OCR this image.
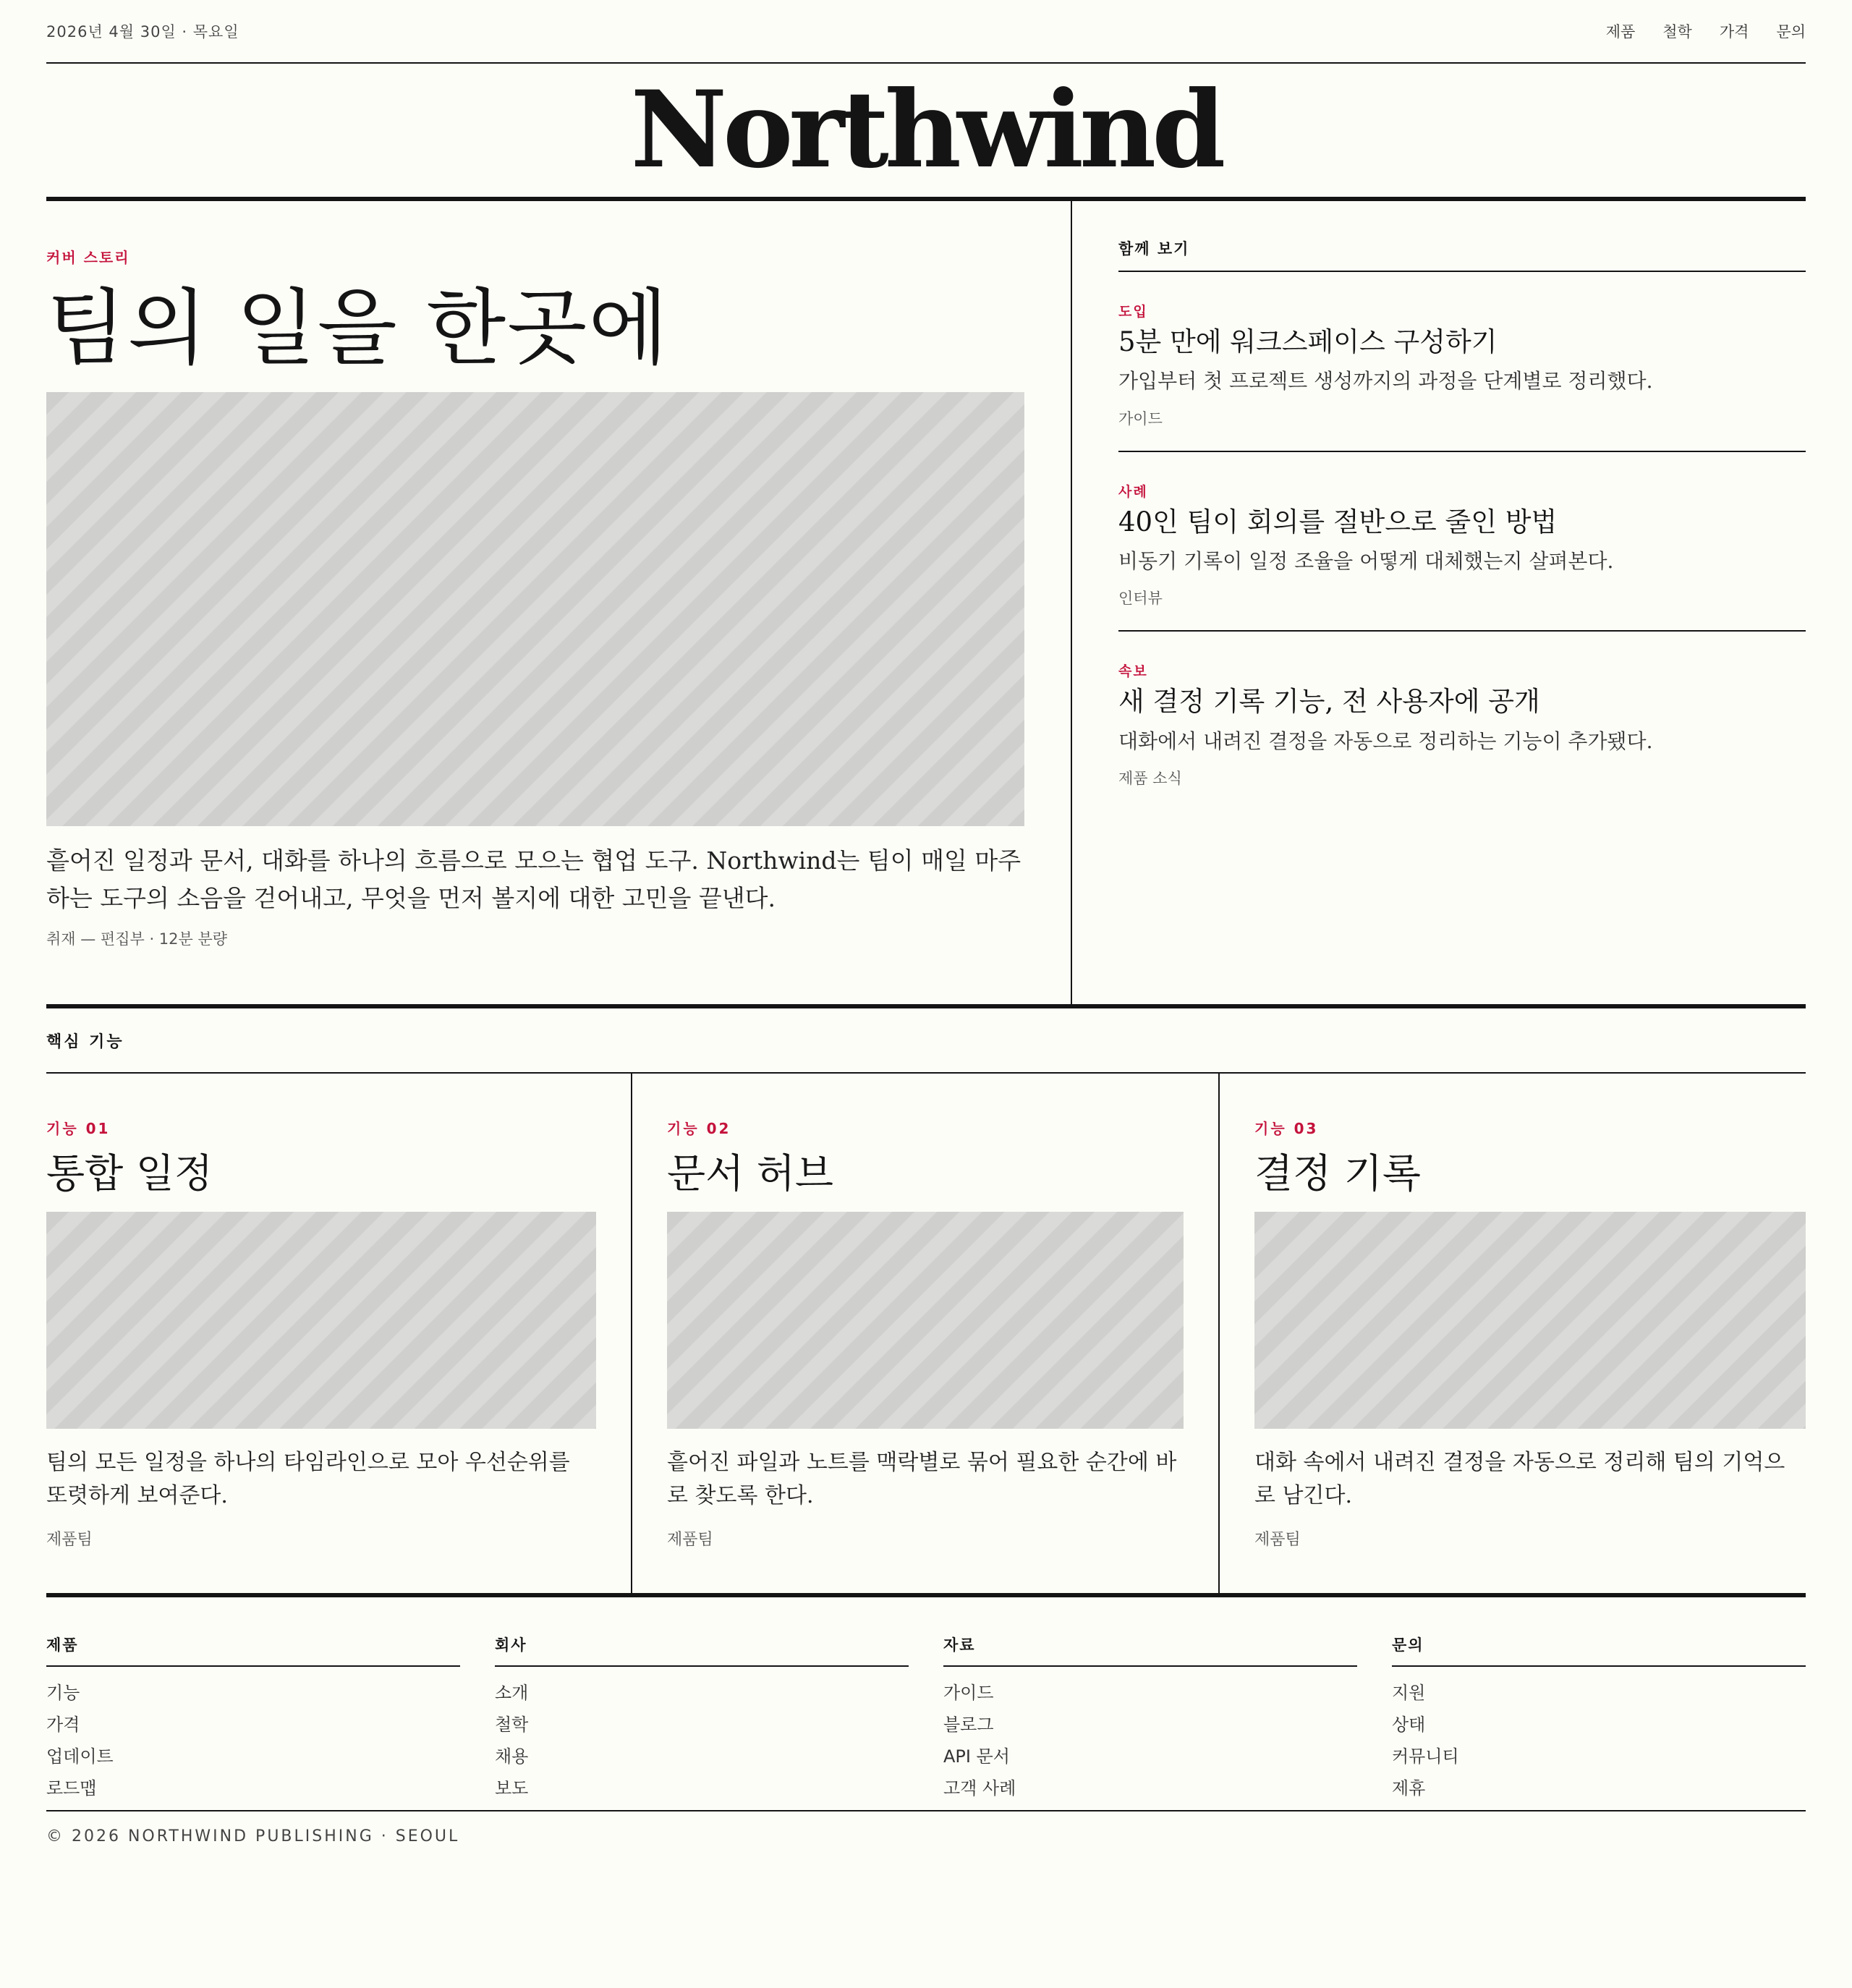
2026년 4월 30일 · 목요일	제품 철학 가격 문의
Northwind
커버 스토리
팀의 일을 한곳에

흩어진 일정과 문서, 대화를 하나의 흐름으로 모으는 협업 도구. Northwind는 팀이 매일 마주하는 도구의 소음을 걷어내고, 무엇을 먼저 볼지에 대한 고민을 끝낸다.

취재 — 편집부 · 12분 분량
함께 보기
도입
5분 만에 워크스페이스 구성하기
가입부터 첫 프로젝트 생성까지의 과정을 단계별로 정리했다.
가이드
사례
40인 팀이 회의를 절반으로 줄인 방법
비동기 기록이 일정 조율을 어떻게 대체했는지 살펴본다.
인터뷰
속보
새 결정 기록 기능, 전 사용자에 공개
대화에서 내려진 결정을 자동으로 정리하는 기능이 추가됐다.
제품 소식
핵심 기능
기능 01
통합 일정
팀의 모든 일정을 하나의 타임라인으로 모아 우선순위를 또렷하게 보여준다.
제품팀
기능 02
문서 허브
흩어진 파일과 노트를 맥락별로 묶어 필요한 순간에 바로 찾도록 한다.
제품팀
기능 03
결정 기록
대화 속에서 내려진 결정을 자동으로 정리해 팀의 기억으로 남긴다.
제품팀
제품
기능
가격
업데이트
로드맵
회사
소개
철학
채용
보도
자료
가이드
블로그
API 문서
고객 사례
문의
지원
상태
커뮤니티
제휴
© 2026 NORTHWIND PUBLISHING · SEOUL
